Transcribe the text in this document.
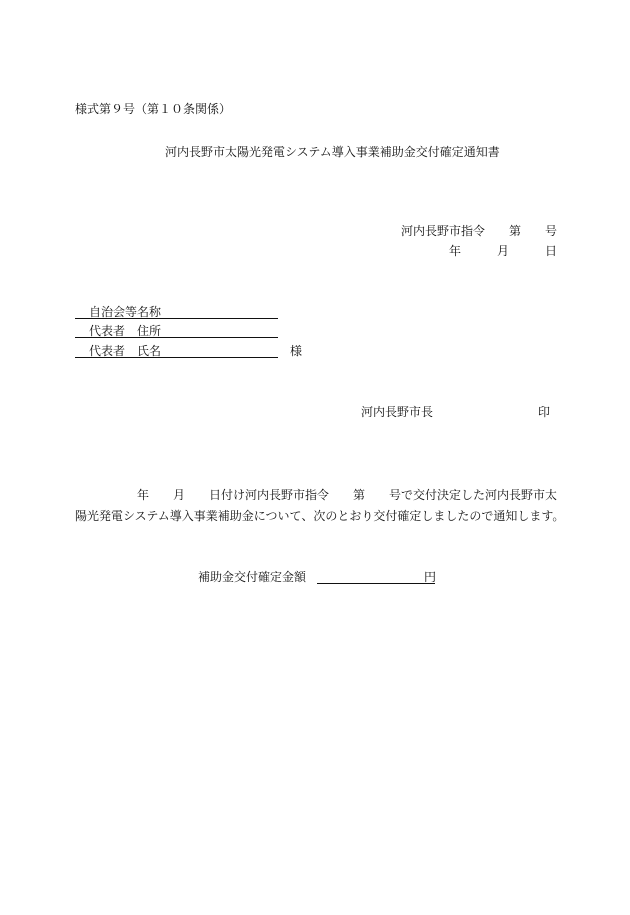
様式第９号（第１０条関係）
河内長野市太陽光発電システム導入事業補助金交付確定通知書
河内長野市指令 第 号
年	月	日
自治会等名称
代表者　住所
代表者　氏名	様
河内長野市長	印
年 月 日付け河内長野市指令 第 号で交付決定した河内長野市太
陽光発電システム導入事業補助金について、次のとおり交付確定しましたので通知します。
補助金交付確定金額	円
